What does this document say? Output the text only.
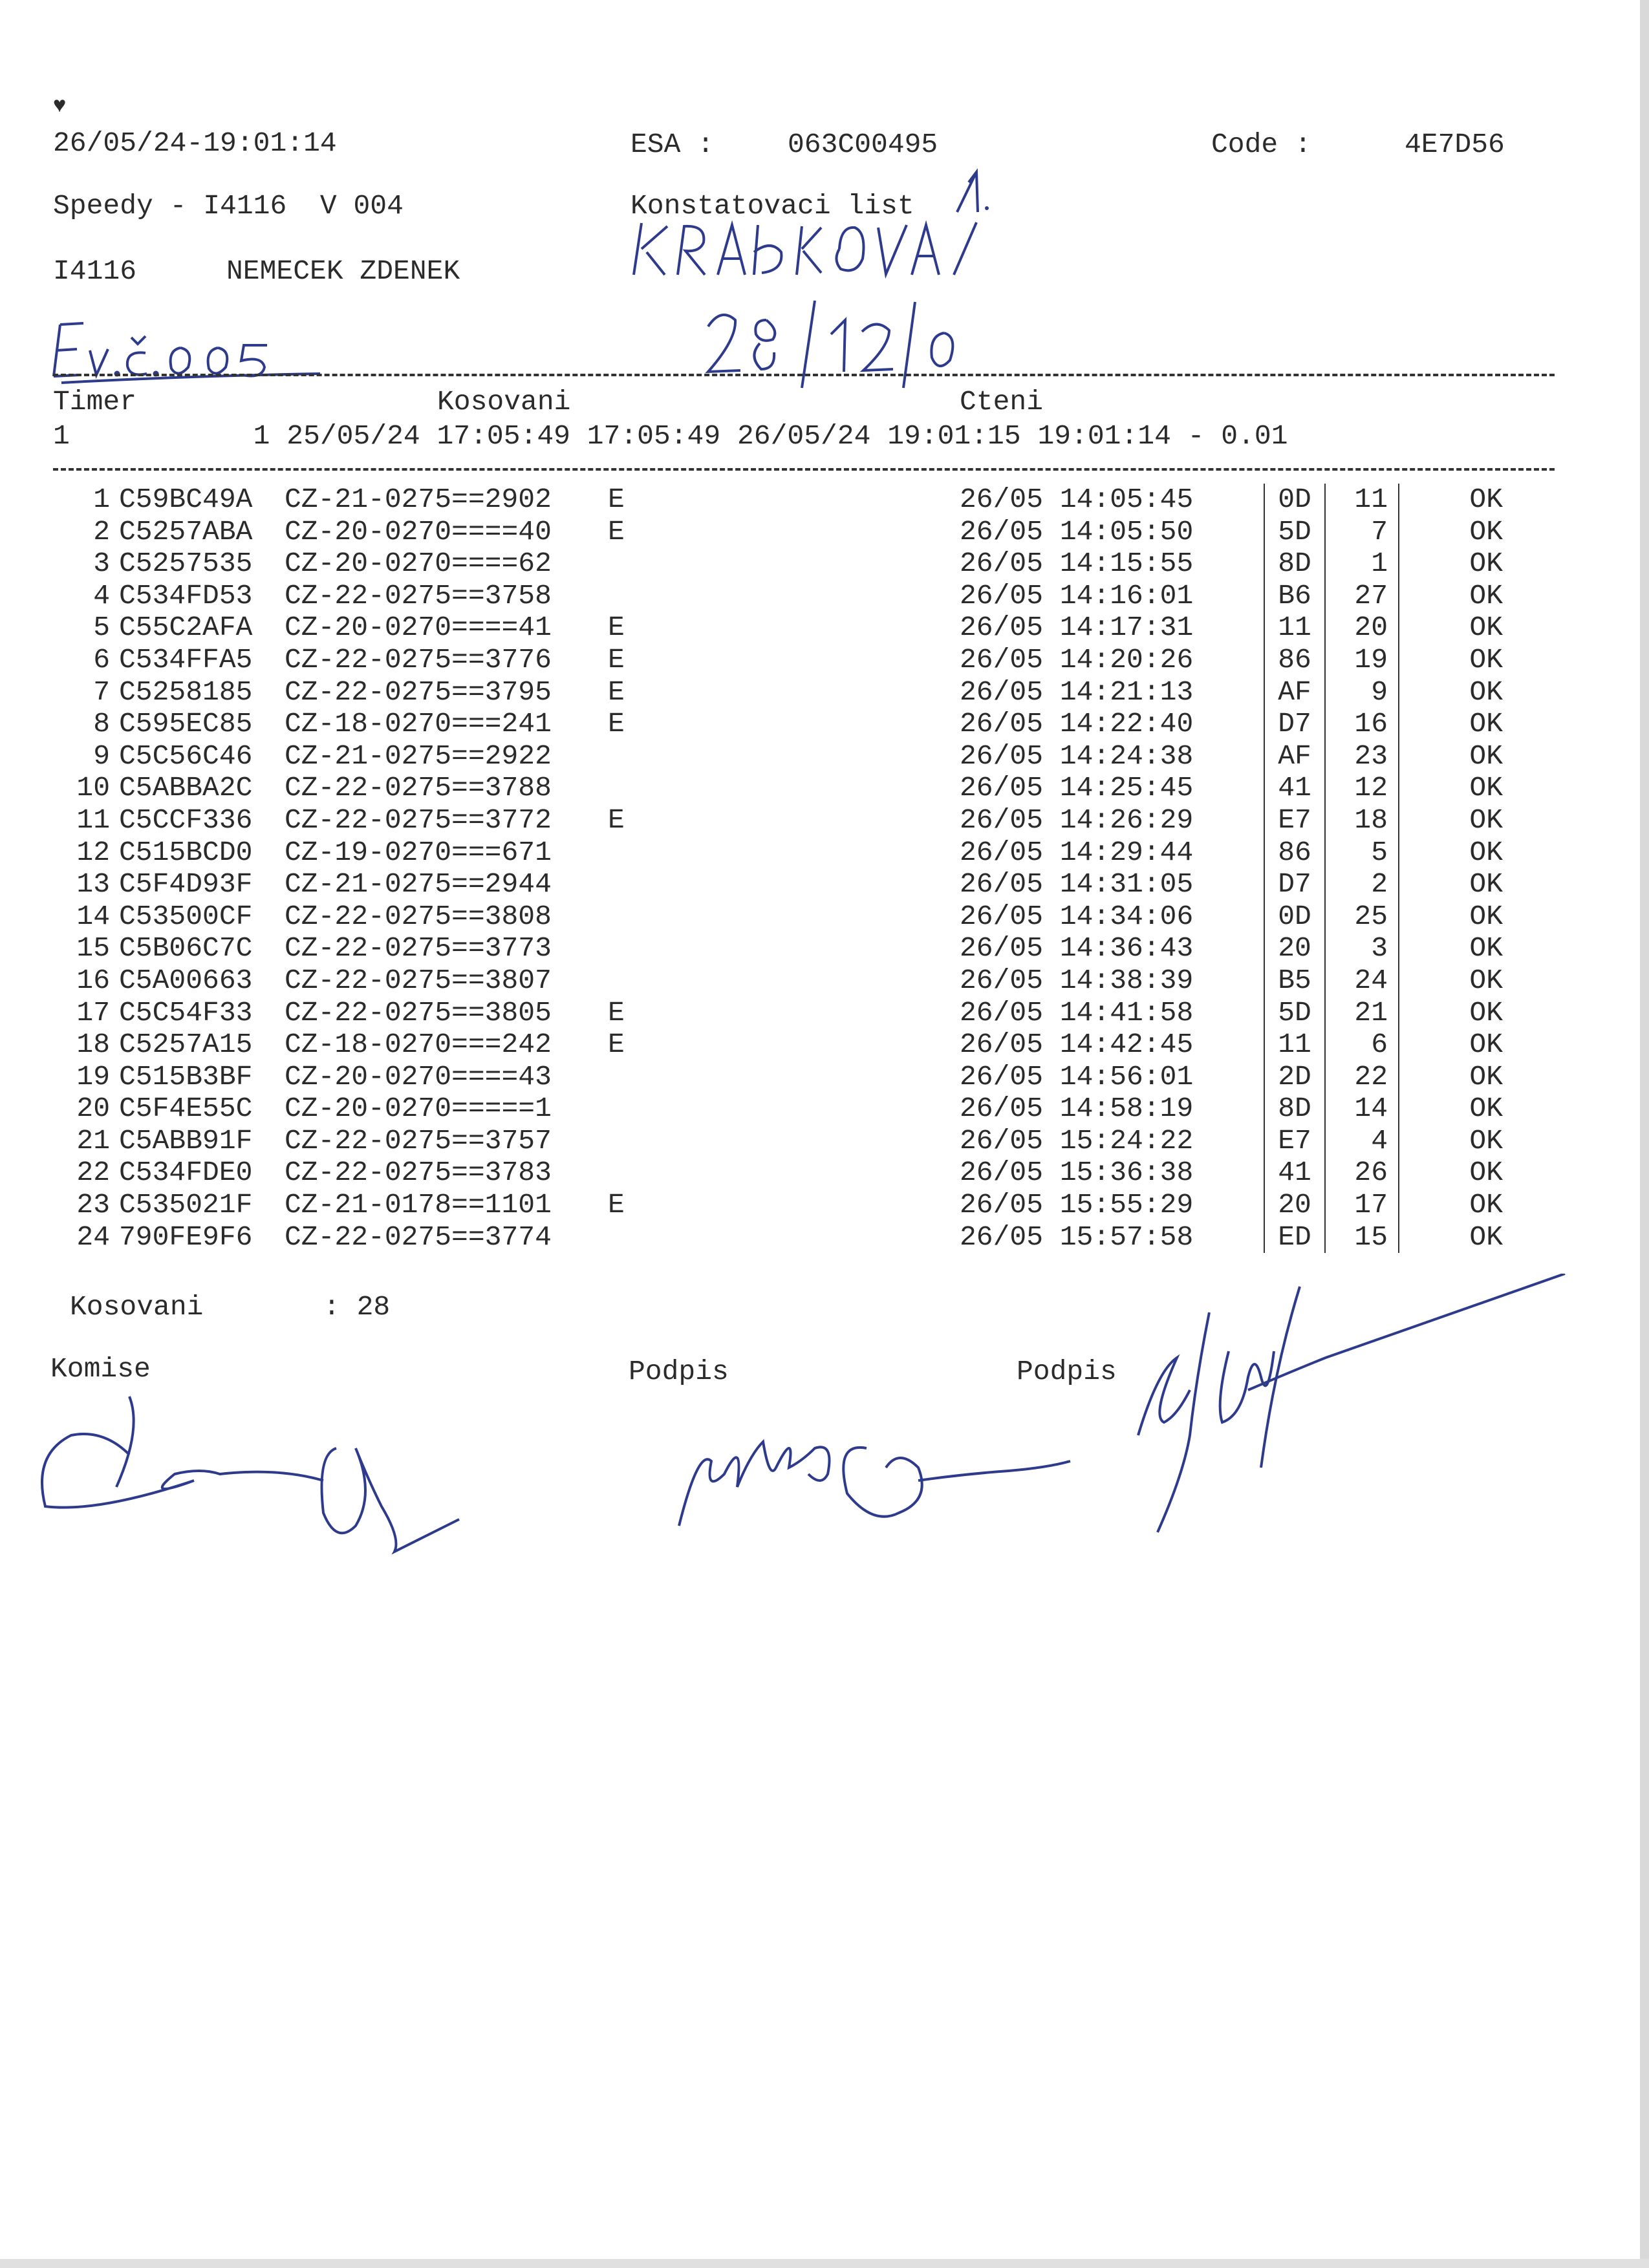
♥
26/05/24-19:01:14	ESA :	063C00495	Code :	4E7D56
Speedy - I4116  V 004	Konstatovaci list
I4116	NEMECEK ZDENEK
Timer	Kosovani	Cteni
1           1 25/05/24 17:05:49 17:05:49 26/05/24 19:01:15 19:01:14 - 0.01
1	C59BC49A	CZ-21-0275==2902	E		26/05 14:05:45	0D	11	OK
2	C5257ABA	CZ-20-0270====40	E		26/05 14:05:50	5D	7	OK
3	C5257535	CZ-20-0270====62			26/05 14:15:55	8D	1	OK
4	C534FD53	CZ-22-0275==3758			26/05 14:16:01	B6	27	OK
5	C55C2AFA	CZ-20-0270====41	E		26/05 14:17:31	11	20	OK
6	C534FFA5	CZ-22-0275==3776	E		26/05 14:20:26	86	19	OK
7	C5258185	CZ-22-0275==3795	E		26/05 14:21:13	AF	9	OK
8	C595EC85	CZ-18-0270===241	E		26/05 14:22:40	D7	16	OK
9	C5C56C46	CZ-21-0275==2922			26/05 14:24:38	AF	23	OK
10	C5ABBA2C	CZ-22-0275==3788			26/05 14:25:45	41	12	OK
11	C5CCF336	CZ-22-0275==3772	E		26/05 14:26:29	E7	18	OK
12	C515BCD0	CZ-19-0270===671			26/05 14:29:44	86	5	OK
13	C5F4D93F	CZ-21-0275==2944			26/05 14:31:05	D7	2	OK
14	C53500CF	CZ-22-0275==3808			26/05 14:34:06	0D	25	OK
15	C5B06C7C	CZ-22-0275==3773			26/05 14:36:43	20	3	OK
16	C5A00663	CZ-22-0275==3807			26/05 14:38:39	B5	24	OK
17	C5C54F33	CZ-22-0275==3805	E		26/05 14:41:58	5D	21	OK
18	C5257A15	CZ-18-0270===242	E		26/05 14:42:45	11	6	OK
19	C515B3BF	CZ-20-0270====43			26/05 14:56:01	2D	22	OK
20	C5F4E55C	CZ-20-0270=====1			26/05 14:58:19	8D	14	OK
21	C5ABB91F	CZ-22-0275==3757			26/05 15:24:22	E7	4	OK
22	C534FDE0	CZ-22-0275==3783			26/05 15:36:38	41	26	OK
23	C535021F	CZ-21-0178==1101	E		26/05 15:55:29	20	17	OK
24	790FE9F6	CZ-22-0275==3774			26/05 15:57:58	ED	15	OK
Kosovani	: 28
Komise	Podpis	Podpis
